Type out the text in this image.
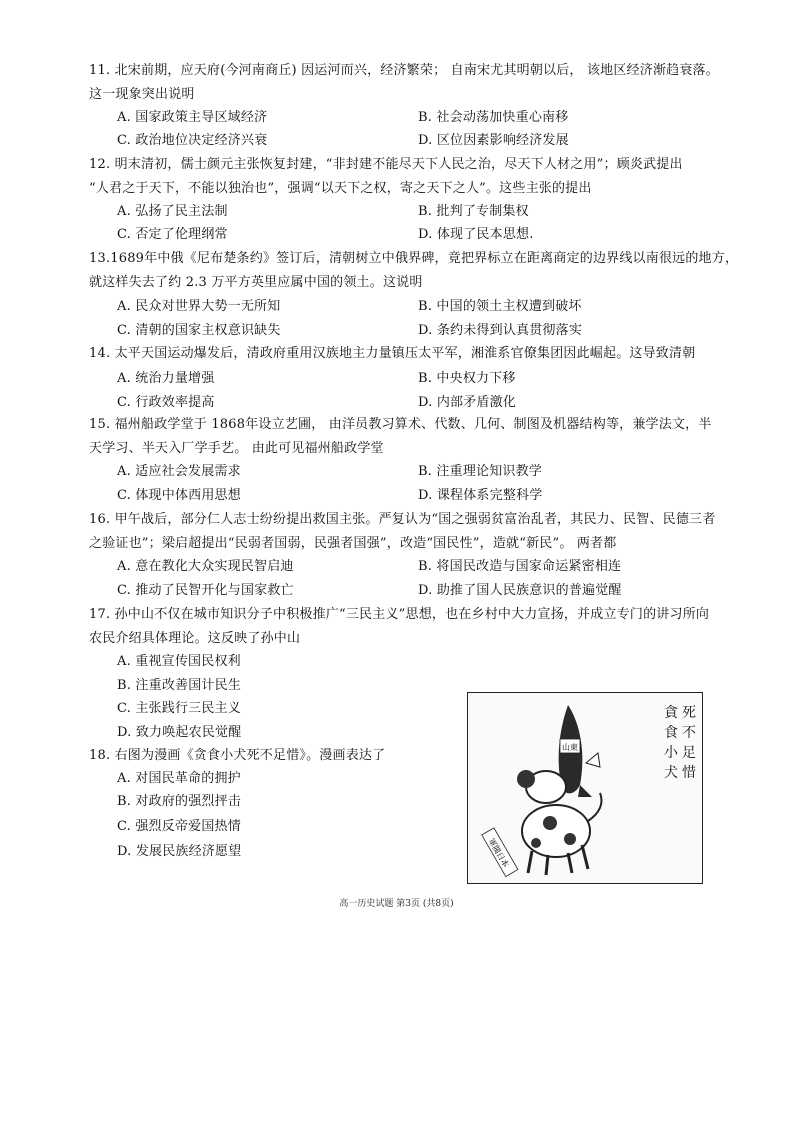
11. 北宋前期，应天府(今河南商丘) 因运河而兴，经济繁荣； 自南宋尤其明朝以后， 该地区经济渐趋衰落。
这一现象突出说明
A. 国家政策主导区域经济	B. 社会动荡加快重心南移
C. 政治地位决定经济兴衰	D. 区位因素影响经济发展
12. 明末清初，儒士颜元主张恢复封建，“非封建不能尽天下人民之治，尽天下人材之用”；顾炎武提出
“人君之于天下，不能以独治也”，强调“以天下之权，寄之天下之人”。这些主张的提出
A. 弘扬了民主法制	B. 批判了专制集权
C. 否定了伦理纲常	D. 体现了民本思想.
13.1689年中俄《尼布楚条约》签订后，清朝树立中俄界碑，竟把界标立在距离商定的边界线以南很远的地方，
就这样失去了约 2.3 万平方英里应属中国的领土。这说明
A. 民众对世界大势一无所知	B. 中国的领土主权遭到破坏
C. 清朝的国家主权意识缺失	D. 条约未得到认真贯彻落实
14. 太平天国运动爆发后，清政府重用汉族地主力量镇压太平军，湘淮系官僚集团因此崛起。这导致清朝
A. 统治力量增强	B. 中央权力下移
C. 行政效率提高	D. 内部矛盾激化
15. 福州船政学堂于 1868年设立艺圃， 由洋员教习算术、代数、几何、制图及机器结构等，兼学法文，半
天学习、半天入厂学手艺。 由此可见福州船政学堂
A. 适应社会发展需求	B. 注重理论知识教学
C. 体现中体西用思想	D. 课程体系完整科学
16. 甲午战后，部分仁人志士纷纷提出救国主张。严复认为“国之强弱贫富治乱者，其民力、民智、民德三者
之验证也”；梁启超提出“民弱者国弱，民强者国强”，改造“国民性”，造就“新民”。 两者都
A. 意在教化大众实现民智启迪	B. 将国民改造与国家命运紧密相连
C. 推动了民智开化与国家救亡	D. 助推了国人民族意识的普遍觉醒
17. 孙中山不仅在城市知识分子中积极推广“三民主义”思想，也在乡村中大力宣扬，并成立专门的讲习所向
农民介绍具体理论。这反映了孙中山
A. 重视宣传国民权利
B. 注重改善国计民生
C. 主张践行三民主义
D. 致力唤起农民觉醒
18. 右图为漫画《贪食小犬死不足惜》。漫画表达了
A. 对国民革命的拥护
B. 对政府的强烈抨击
C. 强烈反帝爱国热情
D. 发展民族经济愿望
山東
軍閥日本
貪食小犬死不足惜
高一历史试题 第3页 (共8页)
